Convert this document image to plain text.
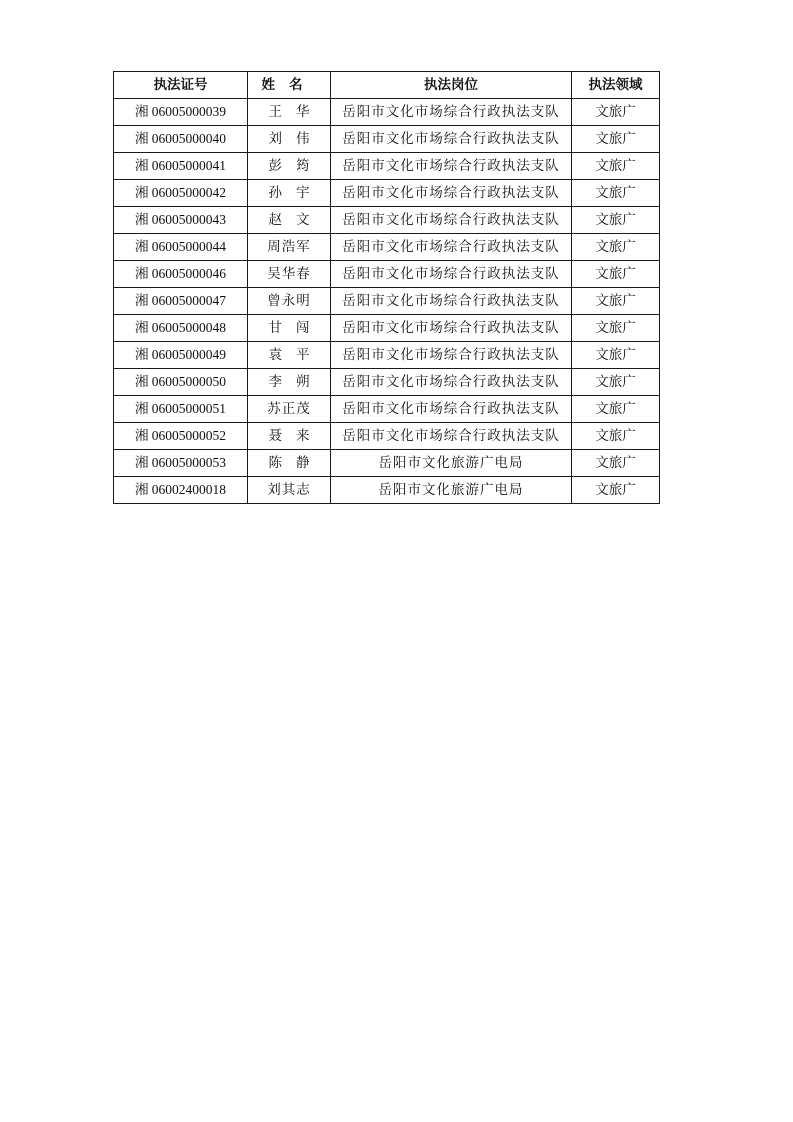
执法证号	姓名	执法岗位	执法领域
湘 06005000039	王华	岳阳市文化市场综合行政执法支队	文旅广
湘 06005000040	刘伟	岳阳市文化市场综合行政执法支队	文旅广
湘 06005000041	彭筠	岳阳市文化市场综合行政执法支队	文旅广
湘 06005000042	孙宇	岳阳市文化市场综合行政执法支队	文旅广
湘 06005000043	赵文	岳阳市文化市场综合行政执法支队	文旅广
湘 06005000044	周浩军	岳阳市文化市场综合行政执法支队	文旅广
湘 06005000046	吴华春	岳阳市文化市场综合行政执法支队	文旅广
湘 06005000047	曾永明	岳阳市文化市场综合行政执法支队	文旅广
湘 06005000048	甘闯	岳阳市文化市场综合行政执法支队	文旅广
湘 06005000049	袁平	岳阳市文化市场综合行政执法支队	文旅广
湘 06005000050	李朔	岳阳市文化市场综合行政执法支队	文旅广
湘 06005000051	苏正茂	岳阳市文化市场综合行政执法支队	文旅广
湘 06005000052	聂来	岳阳市文化市场综合行政执法支队	文旅广
湘 06005000053	陈静	岳阳市文化旅游广电局	文旅广
湘 06002400018	刘其志	岳阳市文化旅游广电局	文旅广
